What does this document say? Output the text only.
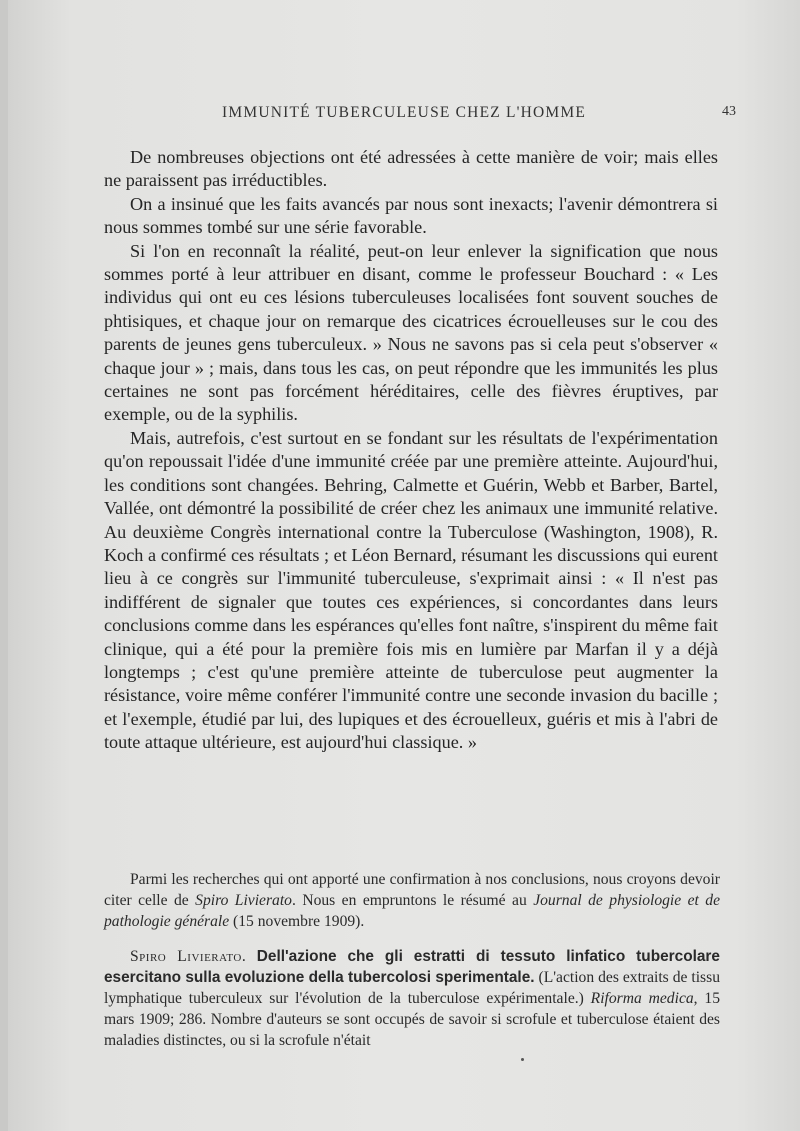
IMMUNITÉ TUBERCULEUSE CHEZ L'HOMME	43

De nombreuses objections ont été adressées à cette manière de voir; mais elles ne paraissent pas irréductibles.

On a insinué que les faits avancés par nous sont inexacts; l'avenir démontrera si nous sommes tombé sur une série favorable.

Si l'on en reconnaît la réalité, peut-on leur enlever la signification que nous sommes porté à leur attribuer en disant, comme le professeur Bouchard : « Les individus qui ont eu ces lésions tuberculeuses localisées font souvent souches de phtisiques, et chaque jour on remarque des cicatrices écrouelleuses sur le cou des parents de jeunes gens tuberculeux. » Nous ne savons pas si cela peut s'observer « chaque jour » ; mais, dans tous les cas, on peut répondre que les immunités les plus certaines ne sont pas forcément héréditaires, celle des fièvres éruptives, par exemple, ou de la syphilis.

Mais, autrefois, c'est surtout en se fondant sur les résultats de l'expérimentation qu'on repoussait l'idée d'une immunité créée par une première atteinte. Aujourd'hui, les conditions sont changées. Behring, Calmette et Guérin, Webb et Barber, Bartel, Vallée, ont démontré la possibilité de créer chez les animaux une immunité relative. Au deuxième Congrès international contre la Tuberculose (Washington, 1908), R. Koch a confirmé ces résultats ; et Léon Bernard, résumant les discussions qui eurent lieu à ce congrès sur l'immunité tuberculeuse, s'exprimait ainsi : « Il n'est pas indifférent de signaler que toutes ces expériences, si concordantes dans leurs conclusions comme dans les espérances qu'elles font naître, s'inspirent du même fait clinique, qui a été pour la première fois mis en lumière par Marfan il y a déjà longtemps ; c'est qu'une première atteinte de tuberculose peut augmenter la résistance, voire même conférer l'immunité contre une seconde invasion du bacille ; et l'exemple, étudié par lui, des lupiques et des écrouelleux, guéris et mis à l'abri de toute attaque ultérieure, est aujourd'hui classique. »

Parmi les recherches qui ont apporté une confirmation à nos conclusions, nous croyons devoir citer celle de Spiro Livierato. Nous en empruntons le résumé au Journal de physiologie et de pathologie générale (15 novembre 1909).

Spiro Livierato. Dell'azione che gli estratti di tessuto linfatico tubercolare esercitano sulla evoluzione della tubercolosi sperimentale. (L'action des extraits de tissu lymphatique tuberculeux sur l'évolution de la tuberculose expérimentale.) Riforma medica, 15 mars 1909; 286. Nombre d'auteurs se sont occupés de savoir si scrofule et tuberculose étaient des maladies distinctes, ou si la scrofule n'était
